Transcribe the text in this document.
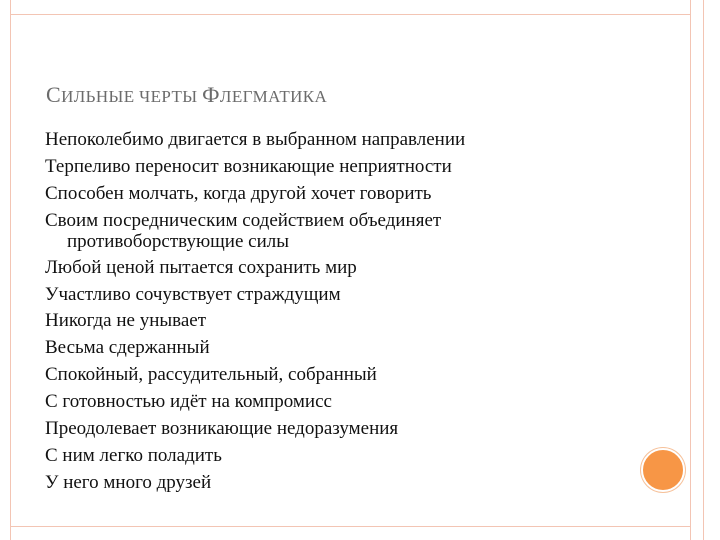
СИЛЬНЫЕ ЧЕРТЫ ФЛЕГМАТИКА
Непоколебимо двигается в выбранном направлении
Терпеливо переносит возникающие неприятности
Способен молчать, когда другой хочет говорить
Своим посредническим содействием объединяет
противоборствующие силы
Любой ценой пытается сохранить мир
Участливо сочувствует страждущим
Никогда не унывает
Весьма сдержанный
Спокойный, рассудительный, собранный
С готовностью идёт на компромисс
Преодолевает возникающие недоразумения
С ним легко поладить
У него много друзей
